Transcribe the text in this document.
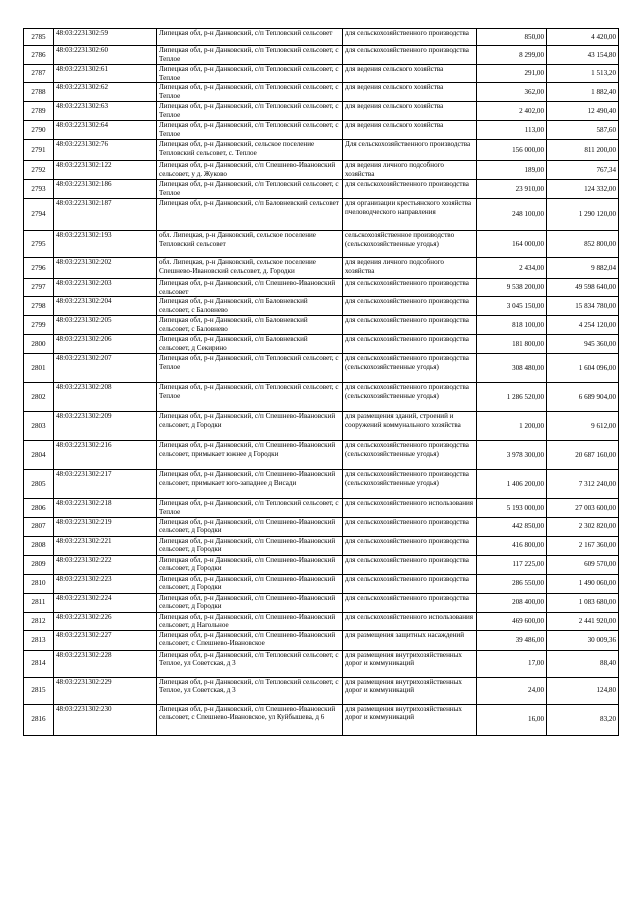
2785	48:03:2231302:59	Липецкая обл, р-н Данковский, с/п Тепловский сельсовет	для сельскохозяйственного производства	850,00	4 420,00
2786	48:03:2231302:60	Липецкая обл, р-н Данковский, с/п Тепловский сельсовет, с Теплое	для сельскохозяйственного производства	8 299,00	43 154,80
2787	48:03:2231302:61	Липецкая обл, р-н Данковский, с/п Тепловский сельсовет, с Теплое	для ведения сельского хозяйства	291,00	1 513,20
2788	48:03:2231302:62	Липецкая обл, р-н Данковский, с/п Тепловский сельсовет, с Теплое	для ведения сельского хозяйства	362,00	1 882,40
2789	48:03:2231302:63	Липецкая обл, р-н Данковский, с/п Тепловский сельсовет, с Теплое	для ведения сельского хозяйства	2 402,00	12 490,40
2790	48:03:2231302:64	Липецкая обл, р-н Данковский, с/п Тепловский сельсовет, с Теплое	для ведения сельского хозяйства	113,00	587,60
2791	48:03:2231302:76	Липецкая обл, р-н Данковский, сельское поселение Тепловский сельсовет, с. Теплое	Для сельскохозяйственного производства	156 000,00	811 200,00
2792	48:03:2231302:122	Липецкая обл, р-н Данковский, с/п Спешнево-Ивановский сельсовет, у д. Жуково	для ведения личного подсобного хозяйства	189,00	767,34
2793	48:03:2231302:186	Липецкая обл, р-н Данковский, с/п Тепловский сельсовет, с Теплое	для сельскохозяйственного производства	23 910,00	124 332,00
2794	48:03:2231302:187	Липецкая обл, р-н Данковский, с/п Баловневский сельсовет	для организации крестьянского хозяйства пчеловодческого направления	248 100,00	1 290 120,00
2795	48:03:2231302:193	обл. Липецкая, р-н Данковский, сельское поселение Тепловский сельсовет	сельскохозяйственное производство (сельскохозяйственные угодья)	164 000,00	852 800,00
2796	48:03:2231302:202	обл. Липецкая, р-н Данковский, сельское поселение Спешнево-Ивановский сельсовет, д. Городки	для ведения личного подсобного хозяйства	2 434,00	9 882,04
2797	48:03:2231302:203	Липецкая обл, р-н Данковский, с/п Спешнево-Ивановский сельсовет	для сельскохозяйственного производства	9 538 200,00	49 598 640,00
2798	48:03:2231302:204	Липецкая обл, р-н Данковский, с/п Баловневский сельсовет, с Баловнево	для сельскохозяйственного производства	3 045 150,00	15 834 780,00
2799	48:03:2231302:205	Липецкая обл, р-н Данковский, с/п Баловневский сельсовет, с Баловнево	для сельскохозяйственного производства	818 100,00	4 254 120,00
2800	48:03:2231302:206	Липецкая обл, р-н Данковский, с/п Баловневский сельсовет, д Секирино	для сельскохозяйственного производства	181 800,00	945 360,00
2801	48:03:2231302:207	Липецкая обл, р-н Данковский, с/п Тепловский сельсовет, с Теплое	для сельскохозяйственного производства (сельскохозяйственные угодья)	308 480,00	1 604 096,00
2802	48:03:2231302:208	Липецкая обл, р-н Данковский, с/п Тепловский сельсовет, с Теплое	для сельскохозяйственного производства (сельскохозяйственные угодья)	1 286 520,00	6 689 904,00
2803	48:03:2231302:209	Липецкая обл, р-н Данковский, с/п Спешнево-Ивановский сельсовет, д Городки	для размещения зданий, строений и сооружений коммунального хозяйства	1 200,00	9 612,00
2804	48:03:2231302:216	Липецкая обл, р-н Данковский, с/п Спешнево-Ивановский сельсовет, примыкает южнее д Городки	для сельскохозяйственного производства (сельскохозяйственные угодья)	3 978 300,00	20 687 160,00
2805	48:03:2231302:217	Липецкая обл, р-н Данковский, с/п Спешнево-Ивановский сельсовет, примыкает юго-западнее д Висади	для сельскохозяйственного производства (сельскохозяйственные угодья)	1 406 200,00	7 312 240,00
2806	48:03:2231302:218	Липецкая обл, р-н Данковский, с/п Тепловский сельсовет, с Теплое	для сельскохозяйственного использования	5 193 000,00	27 003 600,00
2807	48:03:2231302:219	Липецкая обл, р-н Данковский, с/п Спешнево-Ивановский сельсовет, д Городки	для сельскохозяйственного производства	442 850,00	2 302 820,00
2808	48:03:2231302:221	Липецкая обл, р-н Данковский, с/п Спешнево-Ивановский сельсовет, д Городки	для сельскохозяйственного производства	416 800,00	2 167 360,00
2809	48:03:2231302:222	Липецкая обл, р-н Данковский, с/п Спешнево-Ивановский сельсовет, д Городки	для сельскохозяйственного производства	117 225,00	609 570,00
2810	48:03:2231302:223	Липецкая обл, р-н Данковский, с/п Спешнево-Ивановский сельсовет, д Городки	для сельскохозяйственного производства	286 550,00	1 490 060,00
2811	48:03:2231302:224	Липецкая обл, р-н Данковский, с/п Спешнево-Ивановский сельсовет, д Городки	для сельскохозяйственного производства	208 400,00	1 083 680,00
2812	48:03:2231302:226	Липецкая обл, р-н Данковский, с/п Спешнево-Ивановский сельсовет, д Нагольное	для сельскохозяйственного использования	469 600,00	2 441 920,00
2813	48:03:2231302:227	Липецкая обл, р-н Данковский, с/п Спешнево-Ивановский сельсовет, с Спешнево-Ивановское	для размещения защитных насаждений	39 486,00	30 009,36
2814	48:03:2231302:228	Липецкая обл, р-н Данковский, с/п Тепловский сельсовет, с Теплое, ул Советская, д 3	для размещения внутрихозяйственных дорог и коммуникаций	17,00	88,40
2815	48:03:2231302:229	Липецкая обл, р-н Данковский, с/п Тепловский сельсовет, с Теплое, ул Советская, д 3	для размещения внутрихозяйственных дорог и коммуникаций	24,00	124,80
2816	48:03:2231302:230	Липецкая обл, р-н Данковский, с/п Спешнево-Ивановский сельсовет, с Спешнево-Ивановское, ул Куйбышева, д 6	для размещения внутрихозяйственных дорог и коммуникаций	16,00	83,20
